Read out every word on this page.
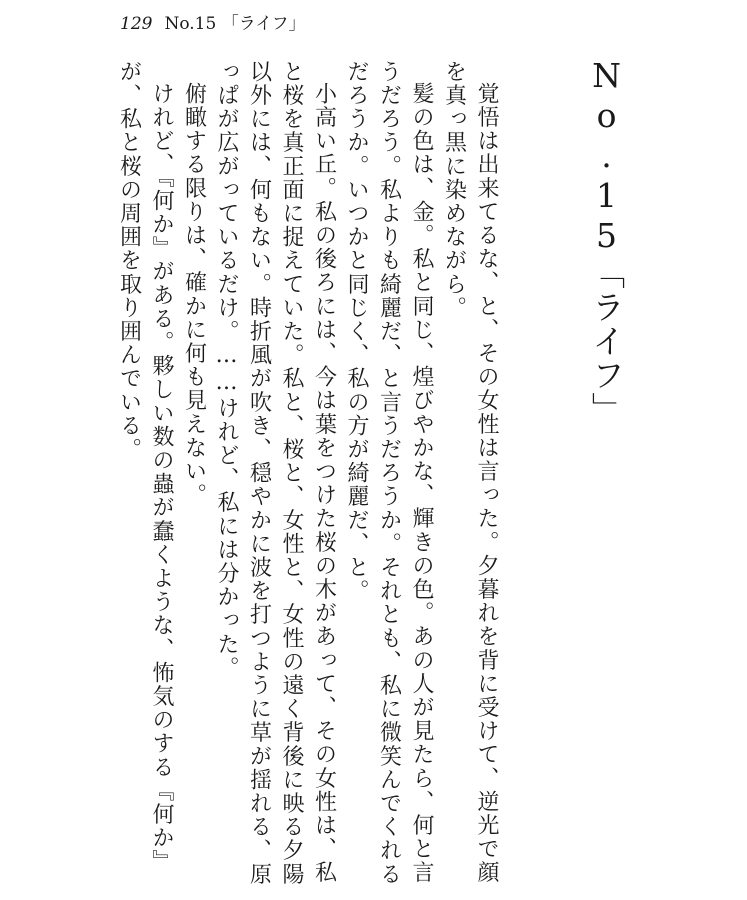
129 No.15 「ライフ」
No.15「ライフ」

覚悟は出来てるな、と、その女性は言った。夕暮れを背に受けて、逆光で顔を真っ黒に染めながら。

髪の色は、金。私と同じ、煌びやかな、輝きの色。あの人が見たら、何と言うだろう。私よりも綺麗だ、と言うだろうか。それとも、私に微笑んでくれるだろうか。いつかと同じく、私の方が綺麗だ、と。

小高い丘。私の後ろには、今は葉をつけた桜の木があって、その女性は、私と桜を真正面に捉えていた。私と、桜と、女性と、女性の遠く背後に映る夕陽以外には、何もない。時折風が吹き、穏やかに波を打つように草が揺れる、原っぱが広がっているだけ。……けれど、私には分かった。

俯瞰する限りは、確かに何も見えない。

けれど、『何か』がある。夥しい数の蟲が蠢くような、怖気のする『何か』が、私と桜の周囲を取り囲んでいる。
